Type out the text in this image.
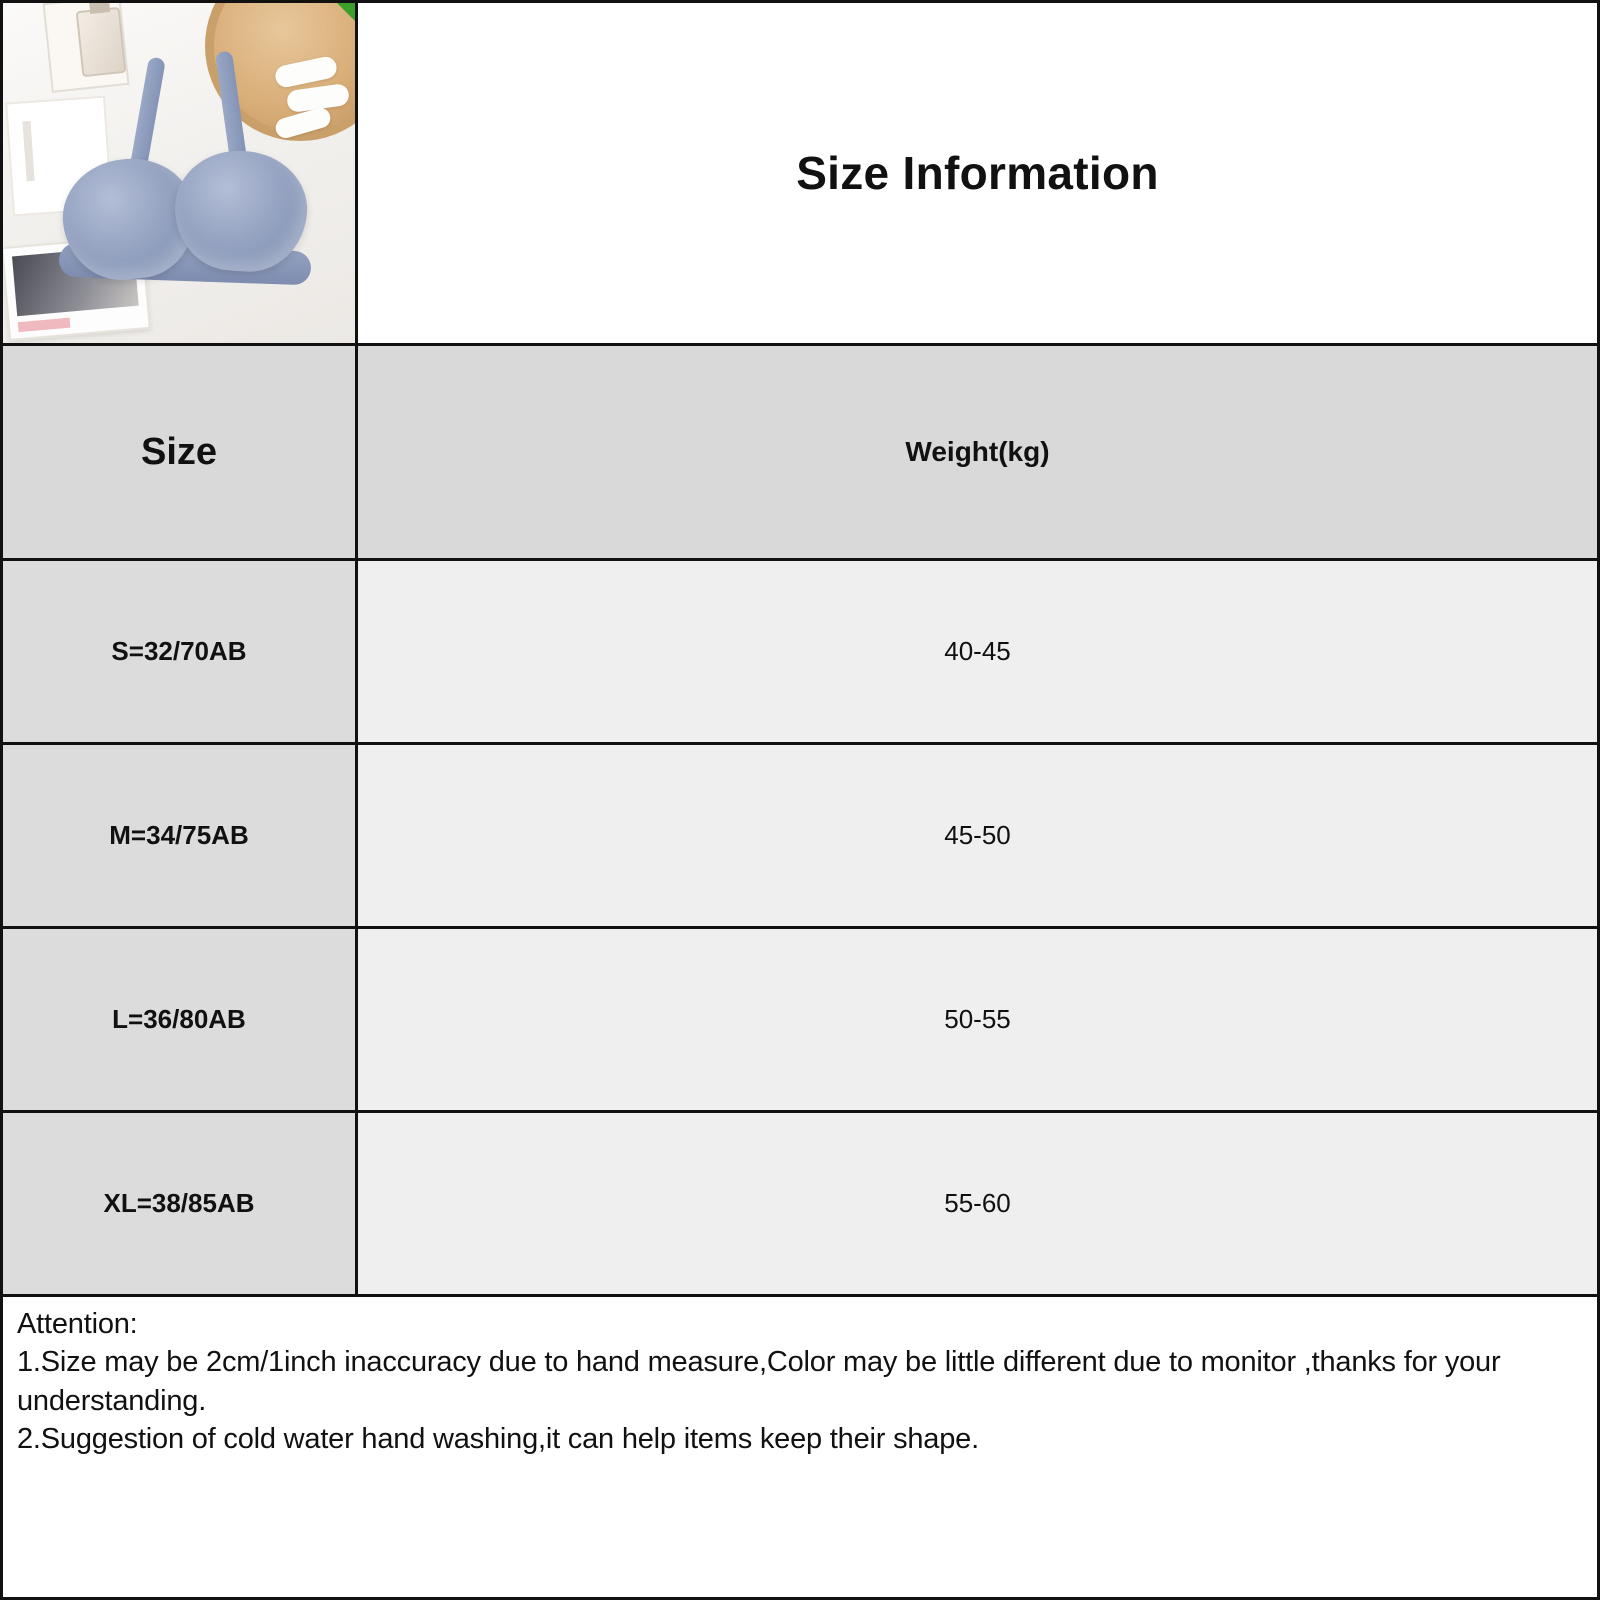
Size Information
Size	Weight(kg)
S=32/70AB	40-45
M=34/75AB	45-50
L=36/80AB	50-55
XL=38/85AB	55-60

Attention:

1.Size may be 2cm/1inch inaccuracy due to hand measure,Color may be little different due to monitor ,thanks for your understanding.

2.Suggestion of cold water hand washing,it can help items keep their shape.
